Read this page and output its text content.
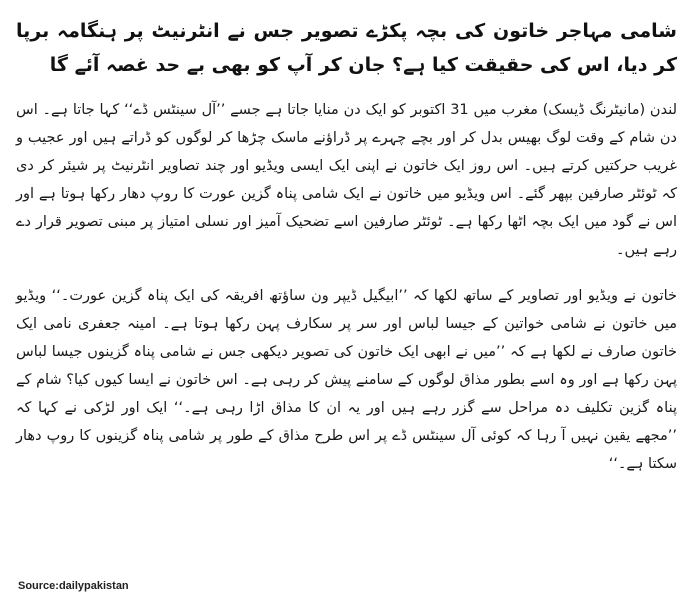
شامی مہاجر خاتون کی بچہ پکڑے تصویر جس نے انٹرنیٹ پر ہنگامہ برپا کر دیا، اس کی حقیقت کیا ہے؟ جان کر آپ کو بھی بے حد غصہ آئے گا

لندن (مانیٹرنگ ڈیسک) مغرب میں 31 اکتوبر کو ایک دن منایا جاتا ہے جسے ’’آل سینٹس ڈے‘‘ کہا جاتا ہے۔ اس دن شام کے وقت لوگ بھیس بدل کر اور بچے چہرے پر ڈراؤنے ماسک چڑھا کر لوگوں کو ڈراتے ہیں اور عجیب و غریب حرکتیں کرتے ہیں۔ اس روز ایک خاتون نے اپنی ایک ایسی ویڈیو اور چند تصاویر انٹرنیٹ پر شیئر کر دی کہ ٹوئٹر صارفین بپھر گئے۔ اس ویڈیو میں خاتون نے ایک شامی پناہ گزین عورت کا روپ دھار رکھا ہوتا ہے اور اس نے گود میں ایک بچہ اٹھا رکھا ہے۔ ٹوئٹر صارفین اسے تضحیک آمیز اور نسلی امتیاز پر مبنی تصویر قرار دے رہے ہیں۔

خاتون نے ویڈیو اور تصاویر کے ساتھ لکھا کہ ’’ابیگیل ڈیپر ون ساؤتھ افریقہ کی ایک پناہ گزین عورت۔‘‘ ویڈیو میں خاتون نے شامی خواتین کے جیسا لباس اور سر پر سکارف پہن رکھا ہوتا ہے۔ امینہ جعفری نامی ایک خاتون صارف نے لکھا ہے کہ ’’میں نے ابھی ایک خاتون کی تصویر دیکھی جس نے شامی پناہ گزینوں جیسا لباس پہن رکھا ہے اور وہ اسے بطور مذاق لوگوں کے سامنے پیش کر رہی ہے۔ اس خاتون نے ایسا کیوں کیا؟ شام کے پناہ گزین تکلیف دہ مراحل سے گزر رہے ہیں اور یہ ان کا مذاق اڑا رہی ہے۔‘‘ ایک اور لڑکی نے کہا کہ ’’مجھے یقین نہیں آ رہا کہ کوئی آل سینٹس ڈے پر اس طرح مذاق کے طور پر شامی پناہ گزینوں کا روپ دھار سکتا ہے۔‘‘

Source:dailypakistan
